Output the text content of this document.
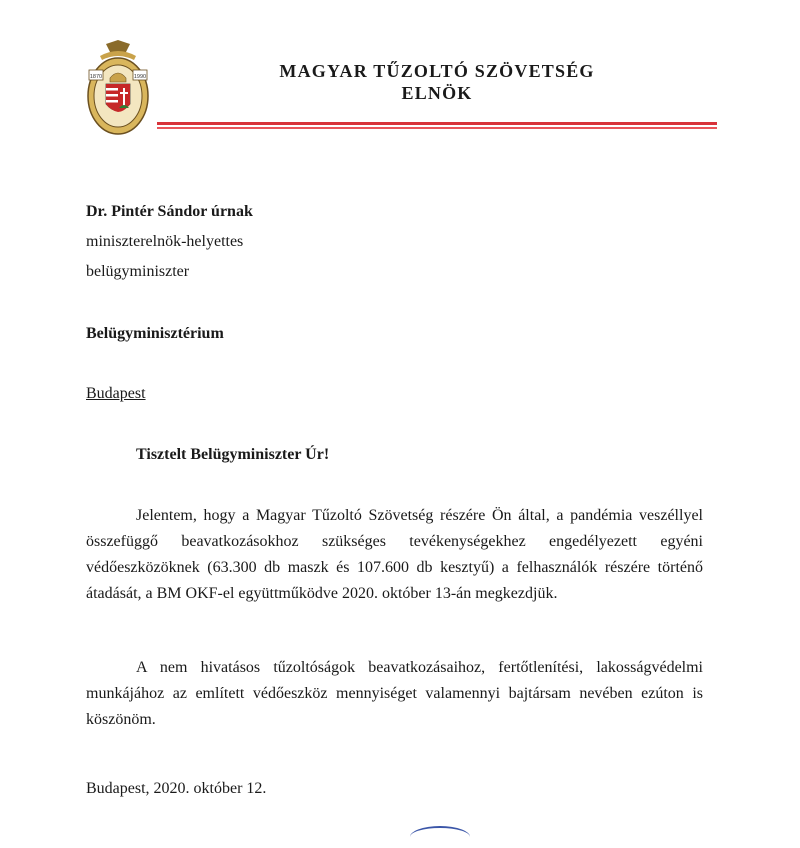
1870	1990	MAGYAR TŰZOLTÓ SZÖVETSÉG
ELNÖK
Dr. Pintér Sándor úrnak
miniszterelnök-helyettes
belügyminiszter
Belügyminisztérium
Budapest
Tisztelt Belügyminiszter Úr!

Jelentem, hogy a Magyar Tűzoltó Szövetség részére Ön által, a pandémia veszéllyel összefüggő beavatkozásokhoz szükséges tevékenységekhez engedélyezett egyéni védőeszközöknek (63.300 db maszk és 107.600 db kesztyű) a felhasználók részére történő átadását, a BM OKF-el együttműködve 2020. október 13-án megkezdjük.

A nem hivatásos tűzoltóságok beavatkozásaihoz, fertőtlenítési, lakosságvédelmi munkájához az említett védőeszköz mennyiséget valamennyi bajtársam nevében ezúton is köszönöm.

Budapest, 2020. október 12.
